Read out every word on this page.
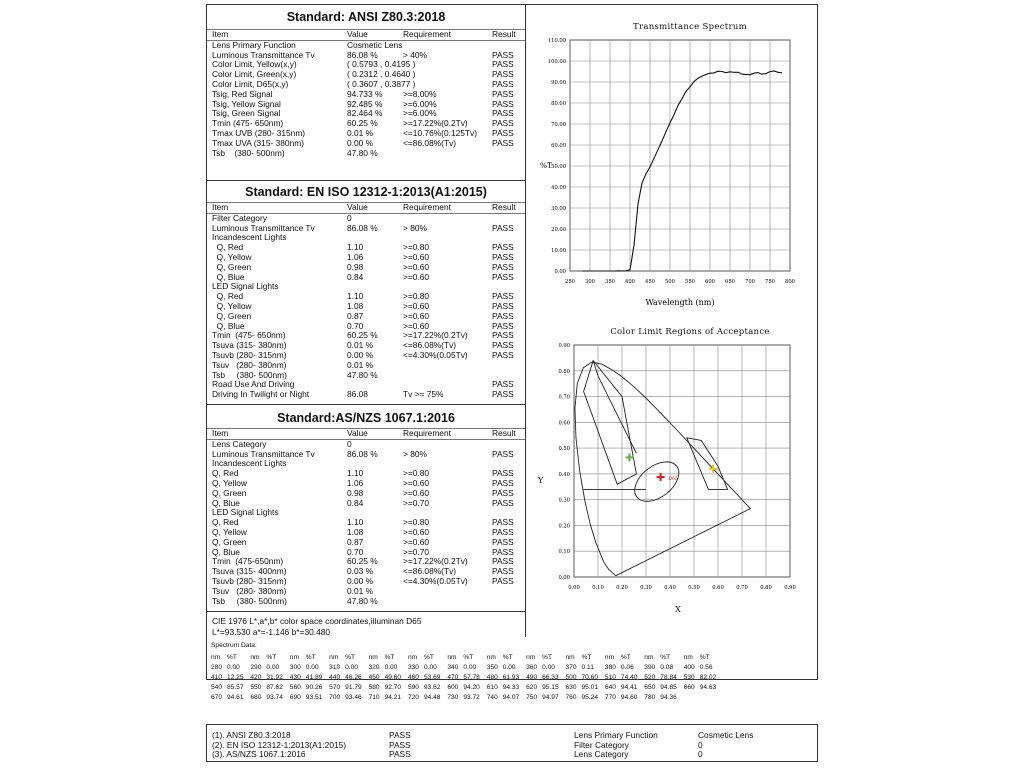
Standard: ANSI Z80.3:2018
Item	Value	Requirement	Result
Lens Primary Function	Cosmetic Lens
Luminous Transmittance Tv	86.08 %	> 40%	PASS
Color Limit, Yellow(x,y)	( 0.5793 , 0.4195 )	PASS
Color Limit, Green(x,y)	( 0.2312 , 0.4640 )	PASS
Color Limit, D65(x,y)	( 0.3607 , 0.3877 )	PASS
Tsig, Red Signal	94.733 % >=8.00%	PASS
Tsig, Yellow Signal	92.485 % >=6.00%	PASS
Tsig, Green Signal	82.464 % >=6.00%	PASS
Tmin (475- 650nm)	60.25 %	>=17.22%(0.2Tv)	PASS
Tmax UVB (280- 315nm)	0.01 %	<=10.76%(0.125Tv) PASS
Tmax UVA (315- 380nm)	0.00 %	<=86.08%(Tv)	PASS
Tsb    (380- 500nm)	47.80 %
Standard: EN ISO 12312-1:2013(A1:2015)
Item	Value	Requirement	Result
Filter Category	0
Luminous Transmittance Tv	86.08 %	> 80%	PASS
Incandescent Lights
Q, Red	1.10	>=0.80	PASS
Q, Yellow	1.06	>=0.60	PASS
Q, Green	0.98	>=0.60	PASS
Q, Blue	0.84	>=0.60	PASS
LED Signal Lights
Q, Red	1.10	>=0.80	PASS
Q, Yellow	1.08	>=0.60	PASS
Q, Green	0.87	>=0.60	PASS
Q, Blue	0.70	>=0.60	PASS
Tmin  (475- 650nm)	60.25 %	>=17.22%(0.2Tv)	PASS
Tsuva (315- 380nm)	0.01 %	<=86.08%(Tv)	PASS
Tsuvb (280- 315nm)	0.00 %	<=4.30%(0.05Tv)	PASS
Tsuv   (280- 380nm)	0.01 %
Tsb     (380- 500nm)	47.80 %
Road Use And Driving	PASS
Driving In Twilight or Night	86.08	Tv >= 75%	PASS
Standard:AS/NZS 1067.1:2016
Item	Value	Requirement	Result
Lens Category	0
Luminous Transmittance Tv	86.08 %	> 80%	PASS
Incandescent Lights
Q, Red	1.10	>=0.80	PASS
Q, Yellow	1.06	>=0.60	PASS
Q, Green	0.98	>=0.60	PASS
Q, Blue	0.84	>=0.70	PASS
LED Signal Lights
Q, Red	1.10	>=0.80	PASS
Q, Yellow	1.08	>=0.60	PASS
Q, Green	0.87	>=0.60	PASS
Q, Blue	0.70	>=0.70	PASS
Tmin  (475-650nm)	60.25 %	>=17.22%(0.2Tv)	PASS
Tsuva (315- 400nm)	0.03 %	<=86.08%(Tv)	PASS
Tsuvb (280- 315nm)	0.00 %	<=4.30%(0.05Tv)	PASS
Tsuv   (280- 380nm)	0.01 %
Tsb     (380- 500nm)	47.80 %
CIE 1976 L*,a*,b* color space coordinates,illuminan D65
L*=93.530 a*=-1.146 b*=30.480
Transmittance Spectrum
250 300 350 400 450 500 550 600 650 700 750 800
0.00
10.00
20.00
30.00
40.00
50.00
60.00
70.00
80.00
90.00
100.00
110.00
%T
Wavelength (nm)
Color Limit Regions of Acceptance
0.00 0.10 0.20 0.30 0.40 0.50 0.60 0.70 0.80 0.90
0.00
0.10
0.20
0.30
0.40
0.50
0.60
0.70
0.80
0.90
D65
Y
X
Spectrum Data:
nm	%T	nm	%T	nm	%T	nm	%T	nm	%T	nm	%T	nm	%T	nm	%T	nm	%T	nm	%T	nm	%T	nm	%T	nm	%T
280	0.00	290	0.00	300	0.00	310	0.00	320	0.00	330	0.00	340	0.00	350	0.00	360	0.00	370	0.11	380	0.06	390	0.08	400	0.56
410	12.25	420	31.92	430	41.89	440	46.26	450	49.60	460	53.69	470	57.78	480	61.93	490	66.33	500	70.60	510	74.40	520	78.84	530	82.02
540	85.57	550	87.62	560	90.26	570	91.79	580	92.70	590	93.62	600	94.20	610	94.33	620	95.15	630	95.01	640	94.41	650	94.85	660	94.63
670	94.61	680	93.74	690	93.51	700	93.46	710	94.21	720	94.48	730	93.72	740	94.07	750	94.97	760	95.24	770	94.60	780	94.36		
(1). ANSI Z80.3:2018	PASS
(2). EN ISO 12312-1:2013(A1:2015)	PASS
(3). AS/NZS 1067.1:2016	PASS
Lens Primary Function	Cosmetic Lens
Filter Category	0
Lens Category	0
